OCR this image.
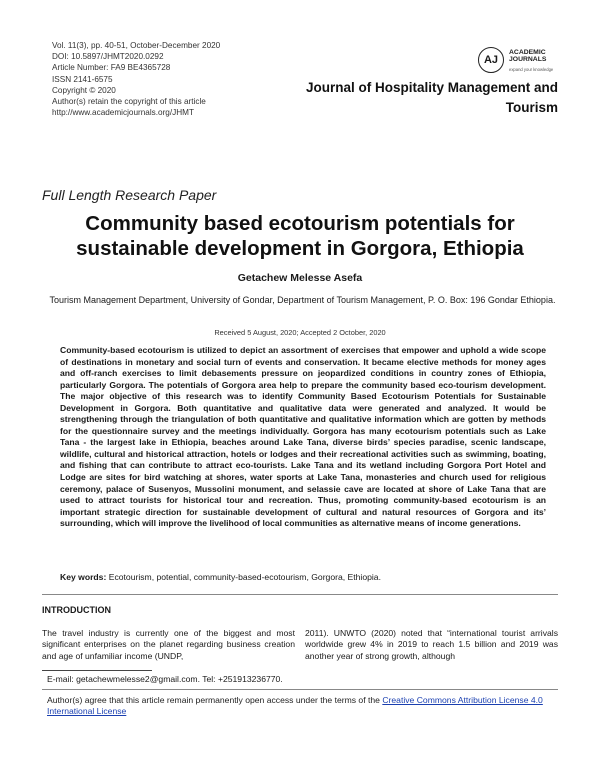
Vol. 11(3), pp. 40-51, October-December 2020
DOI: 10.5897/JHMT2020.0292
Article Number: FA9 BE4365728
ISSN 2141-6575
Copyright © 2020
Author(s) retain the copyright of this article
http://www.academicjournals.org/JHMT
AJ
ACADEMIC
JOURNALS
expand your knowledge
Journal of Hospitality Management and
Tourism
Full Length Research Paper
Community based ecotourism potentials for
sustainable development in Gorgora, Ethiopia
Getachew Melesse Asefa
Tourism Management Department, University of Gondar, Department of Tourism Management, P. O. Box: 196 Gondar Ethiopia.
Received 5 August, 2020; Accepted 2 October, 2020
Community-based ecotourism is utilized to depict an assortment of exercises that empower and uphold a wide scope of destinations in monetary and social turn of events and conservation. It became elective methods for money ages and off-ranch exercises to limit debasements pressure on jeopardized conditions in country zones of Ethiopia, particularly Gorgora. The potentials of Gorgora area help to prepare the community based eco-tourism development. The major objective of this research was to identify Community Based Ecotourism Potentials for Sustainable Development in Gorgora. Both quantitative and qualitative data were generated and analyzed. It would be strengthening through the triangulation of both quantitative and qualitative information which are gotten by methods for the questionnaire survey and the meetings individually. Gorgora has many ecotourism potentials such as Lake Tana - the largest lake in Ethiopia, beaches around Lake Tana, diverse birds’ species paradise, scenic landscape, wildlife, cultural and historical attraction, hotels or lodges and their recreational activities such as swimming, boating, and fishing that can contribute to attract eco-tourists. Lake Tana and its wetland including Gorgora Port Hotel and Lodge are sites for bird watching at shores, water sports at Lake Tana, monasteries and church used for religious ceremony, palace of Susenyos, Mussolini monument, and selassie cave are located at shore of Lake Tana that are used to attract tourists for historical tour and recreation. Thus, promoting community-based ecotourism is an important strategic direction for sustainable development of cultural and natural resources of Gorgora and its’ surrounding, which will improve the livelihood of local communities as alternative means of income generations.
Key words: Ecotourism, potential, community-based-ecotourism, Gorgora, Ethiopia.
INTRODUCTION
The travel industry is currently one of the biggest and most significant enterprises on the planet regarding business creation and age of unfamiliar income (UNDP,
2011). UNWTO (2020) noted that “international tourist arrivals worldwide grew 4% in 2019 to reach 1.5 billion and 2019 was another year of strong growth, although
E-mail: getachewmelesse2@gmail.com. Tel: +251913236770.
Author(s) agree that this article remain permanently open access under the terms of the Creative Commons Attribution License 4.0 International License
